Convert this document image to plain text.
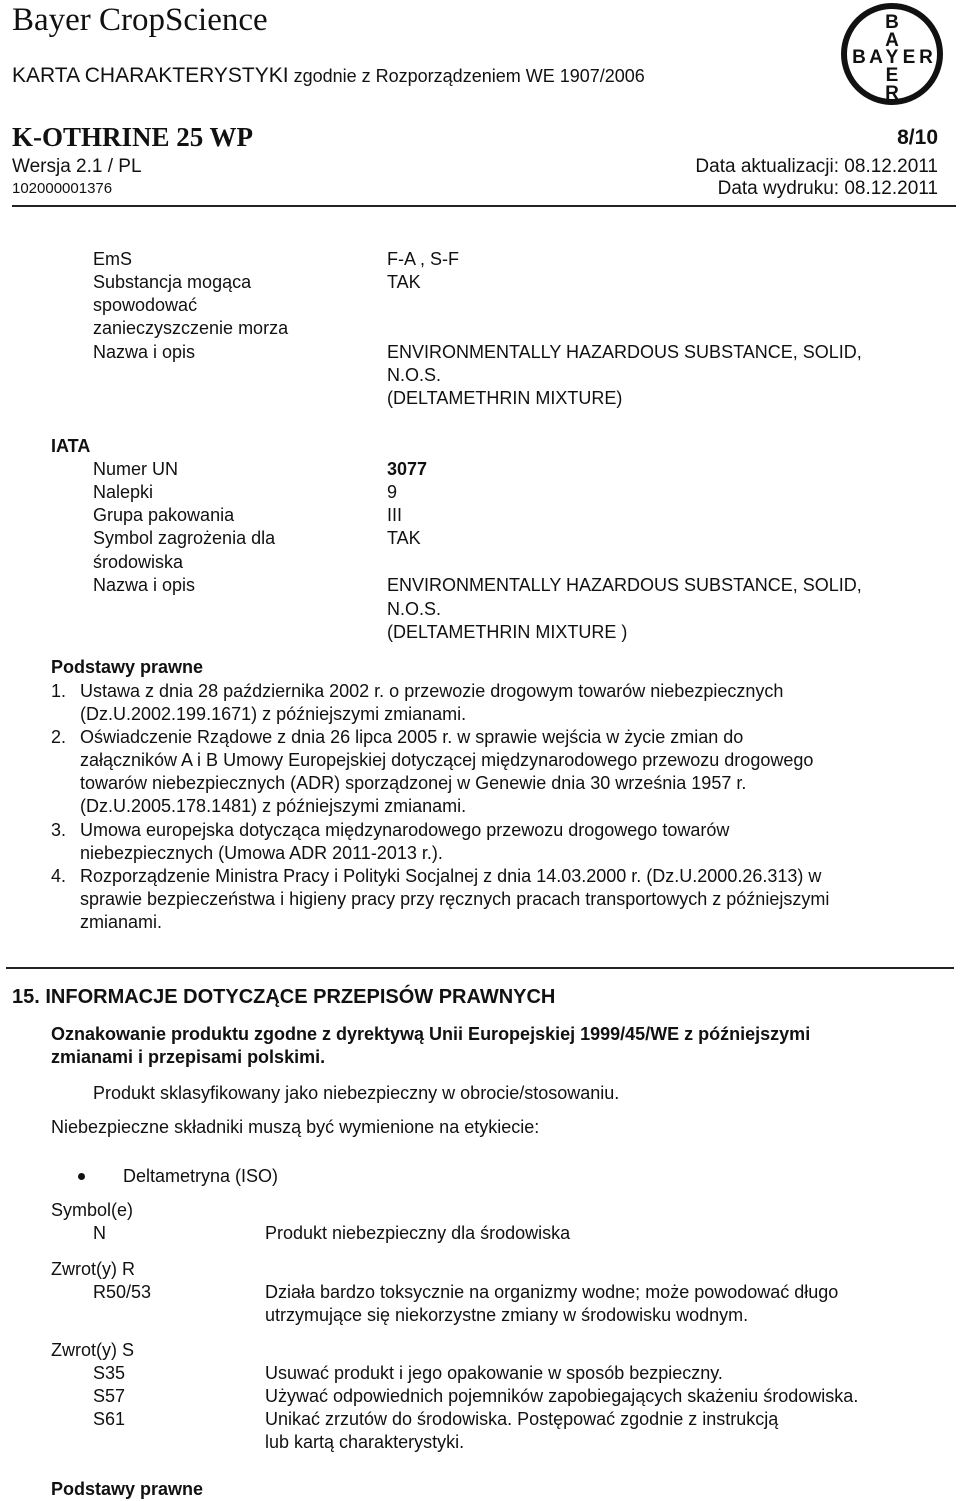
Bayer CropScience
KARTA CHARAKTERYSTYKI zgodnie z Rozporządzeniem WE 1907/2006
K-OTHRINE 25 WP	8/10
Wersja 2.1 / PL	Data aktualizacji: 08.12.2011
102000001376	Data wydruku: 08.12.2011
B
A
B A Y E R
E
R
EmS	F-A , S-F
Substancja mogąca	TAK
spowodować
zanieczyszczenie morza
Nazwa i opis	ENVIRONMENTALLY HAZARDOUS SUBSTANCE, SOLID,
N.O.S.
(DELTAMETHRIN MIXTURE)
IATA
Numer UN	3077
Nalepki	9
Grupa pakowania	III
Symbol zagrożenia dla	TAK
środowiska
Nazwa i opis	ENVIRONMENTALLY HAZARDOUS SUBSTANCE, SOLID,
N.O.S.
(DELTAMETHRIN MIXTURE )
Podstawy prawne
1. Ustawa z dnia 28 października 2002 r. o przewozie drogowym towarów niebezpiecznych
(Dz.U.2002.199.1671) z późniejszymi zmianami.
2. Oświadczenie Rządowe z dnia 26 lipca 2005 r. w sprawie wejścia w życie zmian do
załączników A i B Umowy Europejskiej dotyczącej międzynarodowego przewozu drogowego
towarów niebezpiecznych (ADR) sporządzonej w Genewie dnia 30 września 1957 r.
(Dz.U.2005.178.1481) z późniejszymi zmianami.
3. Umowa europejska dotycząca międzynarodowego przewozu drogowego towarów
niebezpiecznych (Umowa ADR 2011-2013 r.).
4. Rozporządzenie Ministra Pracy i Polityki Socjalnej z dnia 14.03.2000 r. (Dz.U.2000.26.313) w
sprawie bezpieczeństwa i higieny pracy przy ręcznych pracach transportowych z późniejszymi
zmianami.
15. INFORMACJE DOTYCZĄCE PRZEPISÓW PRAWNYCH
Oznakowanie produktu zgodne z dyrektywą Unii Europejskiej 1999/45/WE z późniejszymi
zmianami i przepisami polskimi.
Produkt sklasyfikowany jako niebezpieczny w obrocie/stosowaniu.
Niebezpieczne składniki muszą być wymienione na etykiecie:
Deltametryna (ISO)
Symbol(e)
N	Produkt niebezpieczny dla środowiska
Zwrot(y) R
R50/53	Działa bardzo toksycznie na organizmy wodne; może powodować długo
utrzymujące się niekorzystne zmiany w środowisku wodnym.
Zwrot(y) S
S35	Usuwać produkt i jego opakowanie w sposób bezpieczny.
S57	Używać odpowiednich pojemników zapobiegających skażeniu środowiska.
S61	Unikać zrzutów do środowiska. Postępować zgodnie z instrukcją
lub kartą charakterystyki.
Podstawy prawne
